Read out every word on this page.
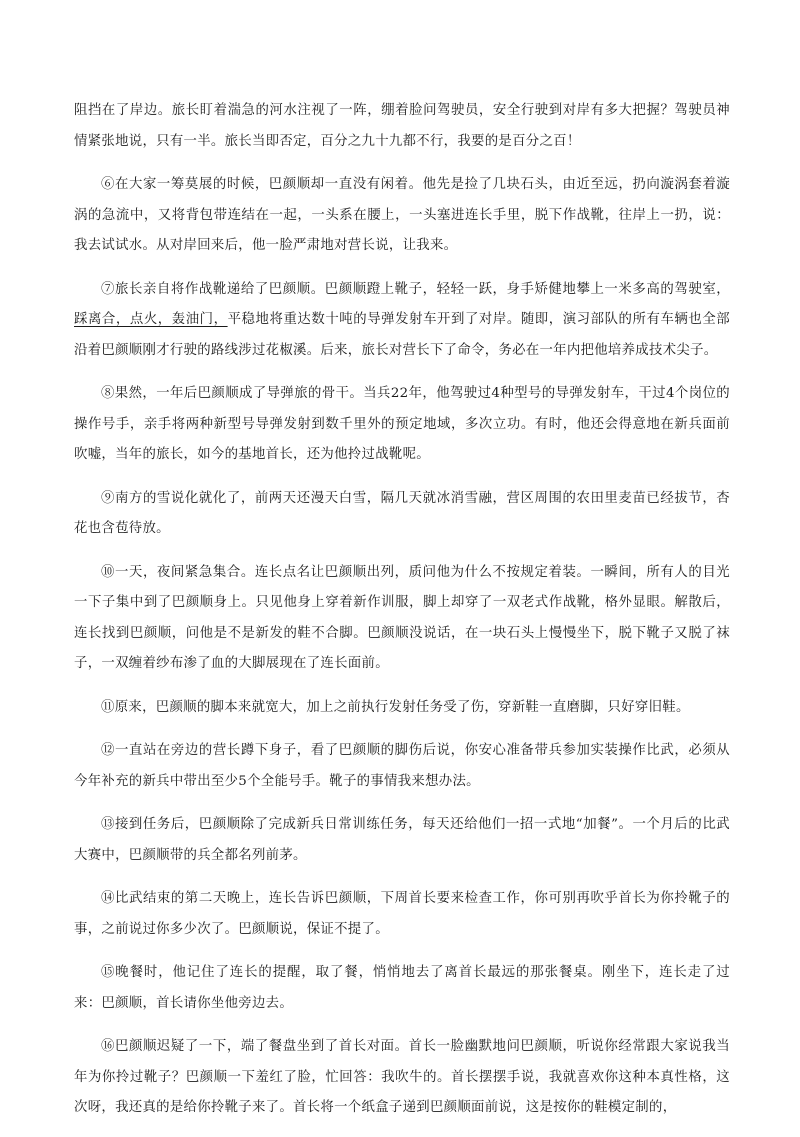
阻挡在了岸边。旅长盯着湍急的河水注视了一阵，绷着脸问驾驶员，安全行驶到对岸有多大把握？驾驶员神情紧张地说，只有一半。旅长当即否定，百分之九十九都不行，我要的是百分之百！

⑥在大家一筹莫展的时候，巴颜顺却一直没有闲着。他先是捡了几块石头，由近至远，扔向漩涡套着漩涡的急流中，又将背包带连结在一起，一头系在腰上，一头塞进连长手里，脱下作战靴，往岸上一扔，说：我去试试水。从对岸回来后，他一脸严肃地对营长说，让我来。

⑦旅长亲自将作战靴递给了巴颜顺。巴颜顺蹬上靴子，轻轻一跃，身手矫健地攀上一米多高的驾驶室，踩离合，点火，轰油门，平稳地将重达数十吨的导弹发射车开到了对岸。随即，演习部队的所有车辆也全部沿着巴颜顺刚才行驶的路线涉过花椒溪。后来，旅长对营长下了命令，务必在一年内把他培养成技术尖子。

⑧果然，一年后巴颜顺成了导弹旅的骨干。当兵22年，他驾驶过4种型号的导弹发射车，干过4个岗位的操作号手，亲手将两种新型号导弹发射到数千里外的预定地域，多次立功。有时，他还会得意地在新兵面前吹嘘，当年的旅长，如今的基地首长，还为他拎过战靴呢。

⑨南方的雪说化就化了，前两天还漫天白雪，隔几天就冰消雪融，营区周围的农田里麦苗已经拔节，杏花也含苞待放。

⑩一天，夜间紧急集合。连长点名让巴颜顺出列，质问他为什么不按规定着装。一瞬间，所有人的目光一下子集中到了巴颜顺身上。只见他身上穿着新作训服，脚上却穿了一双老式作战靴，格外显眼。解散后，连长找到巴颜顺，问他是不是新发的鞋不合脚。巴颜顺没说话，在一块石头上慢慢坐下，脱下靴子又脱了袜子，一双缠着纱布渗了血的大脚展现在了连长面前。

⑪原来，巴颜顺的脚本来就宽大，加上之前执行发射任务受了伤，穿新鞋一直磨脚，只好穿旧鞋。

⑫一直站在旁边的营长蹲下身子，看了巴颜顺的脚伤后说，你安心准备带兵参加实装操作比武，必须从今年补充的新兵中带出至少5个全能号手。靴子的事情我来想办法。

⑬接到任务后，巴颜顺除了完成新兵日常训练任务，每天还给他们一招一式地“加餐”。一个月后的比武大赛中，巴颜顺带的兵全都名列前茅。

⑭比武结束的第二天晚上，连长告诉巴颜顺，下周首长要来检查工作，你可别再吹乎首长为你拎靴子的事，之前说过你多少次了。巴颜顺说，保证不提了。

⑮晚餐时，他记住了连长的提醒，取了餐，悄悄地去了离首长最远的那张餐桌。刚坐下，连长走了过来：巴颜顺，首长请你坐他旁边去。

⑯巴颜顺迟疑了一下，端了餐盘坐到了首长对面。首长一脸幽默地问巴颜顺，听说你经常跟大家说我当年为你拎过靴子？巴颜顺一下羞红了脸，忙回答：我吹牛的。首长摆摆手说，我就喜欢你这种本真性格，这次呀，我还真的是给你拎靴子来了。首长将一个纸盒子递到巴颜顺面前说，这是按你的鞋模定制的，
